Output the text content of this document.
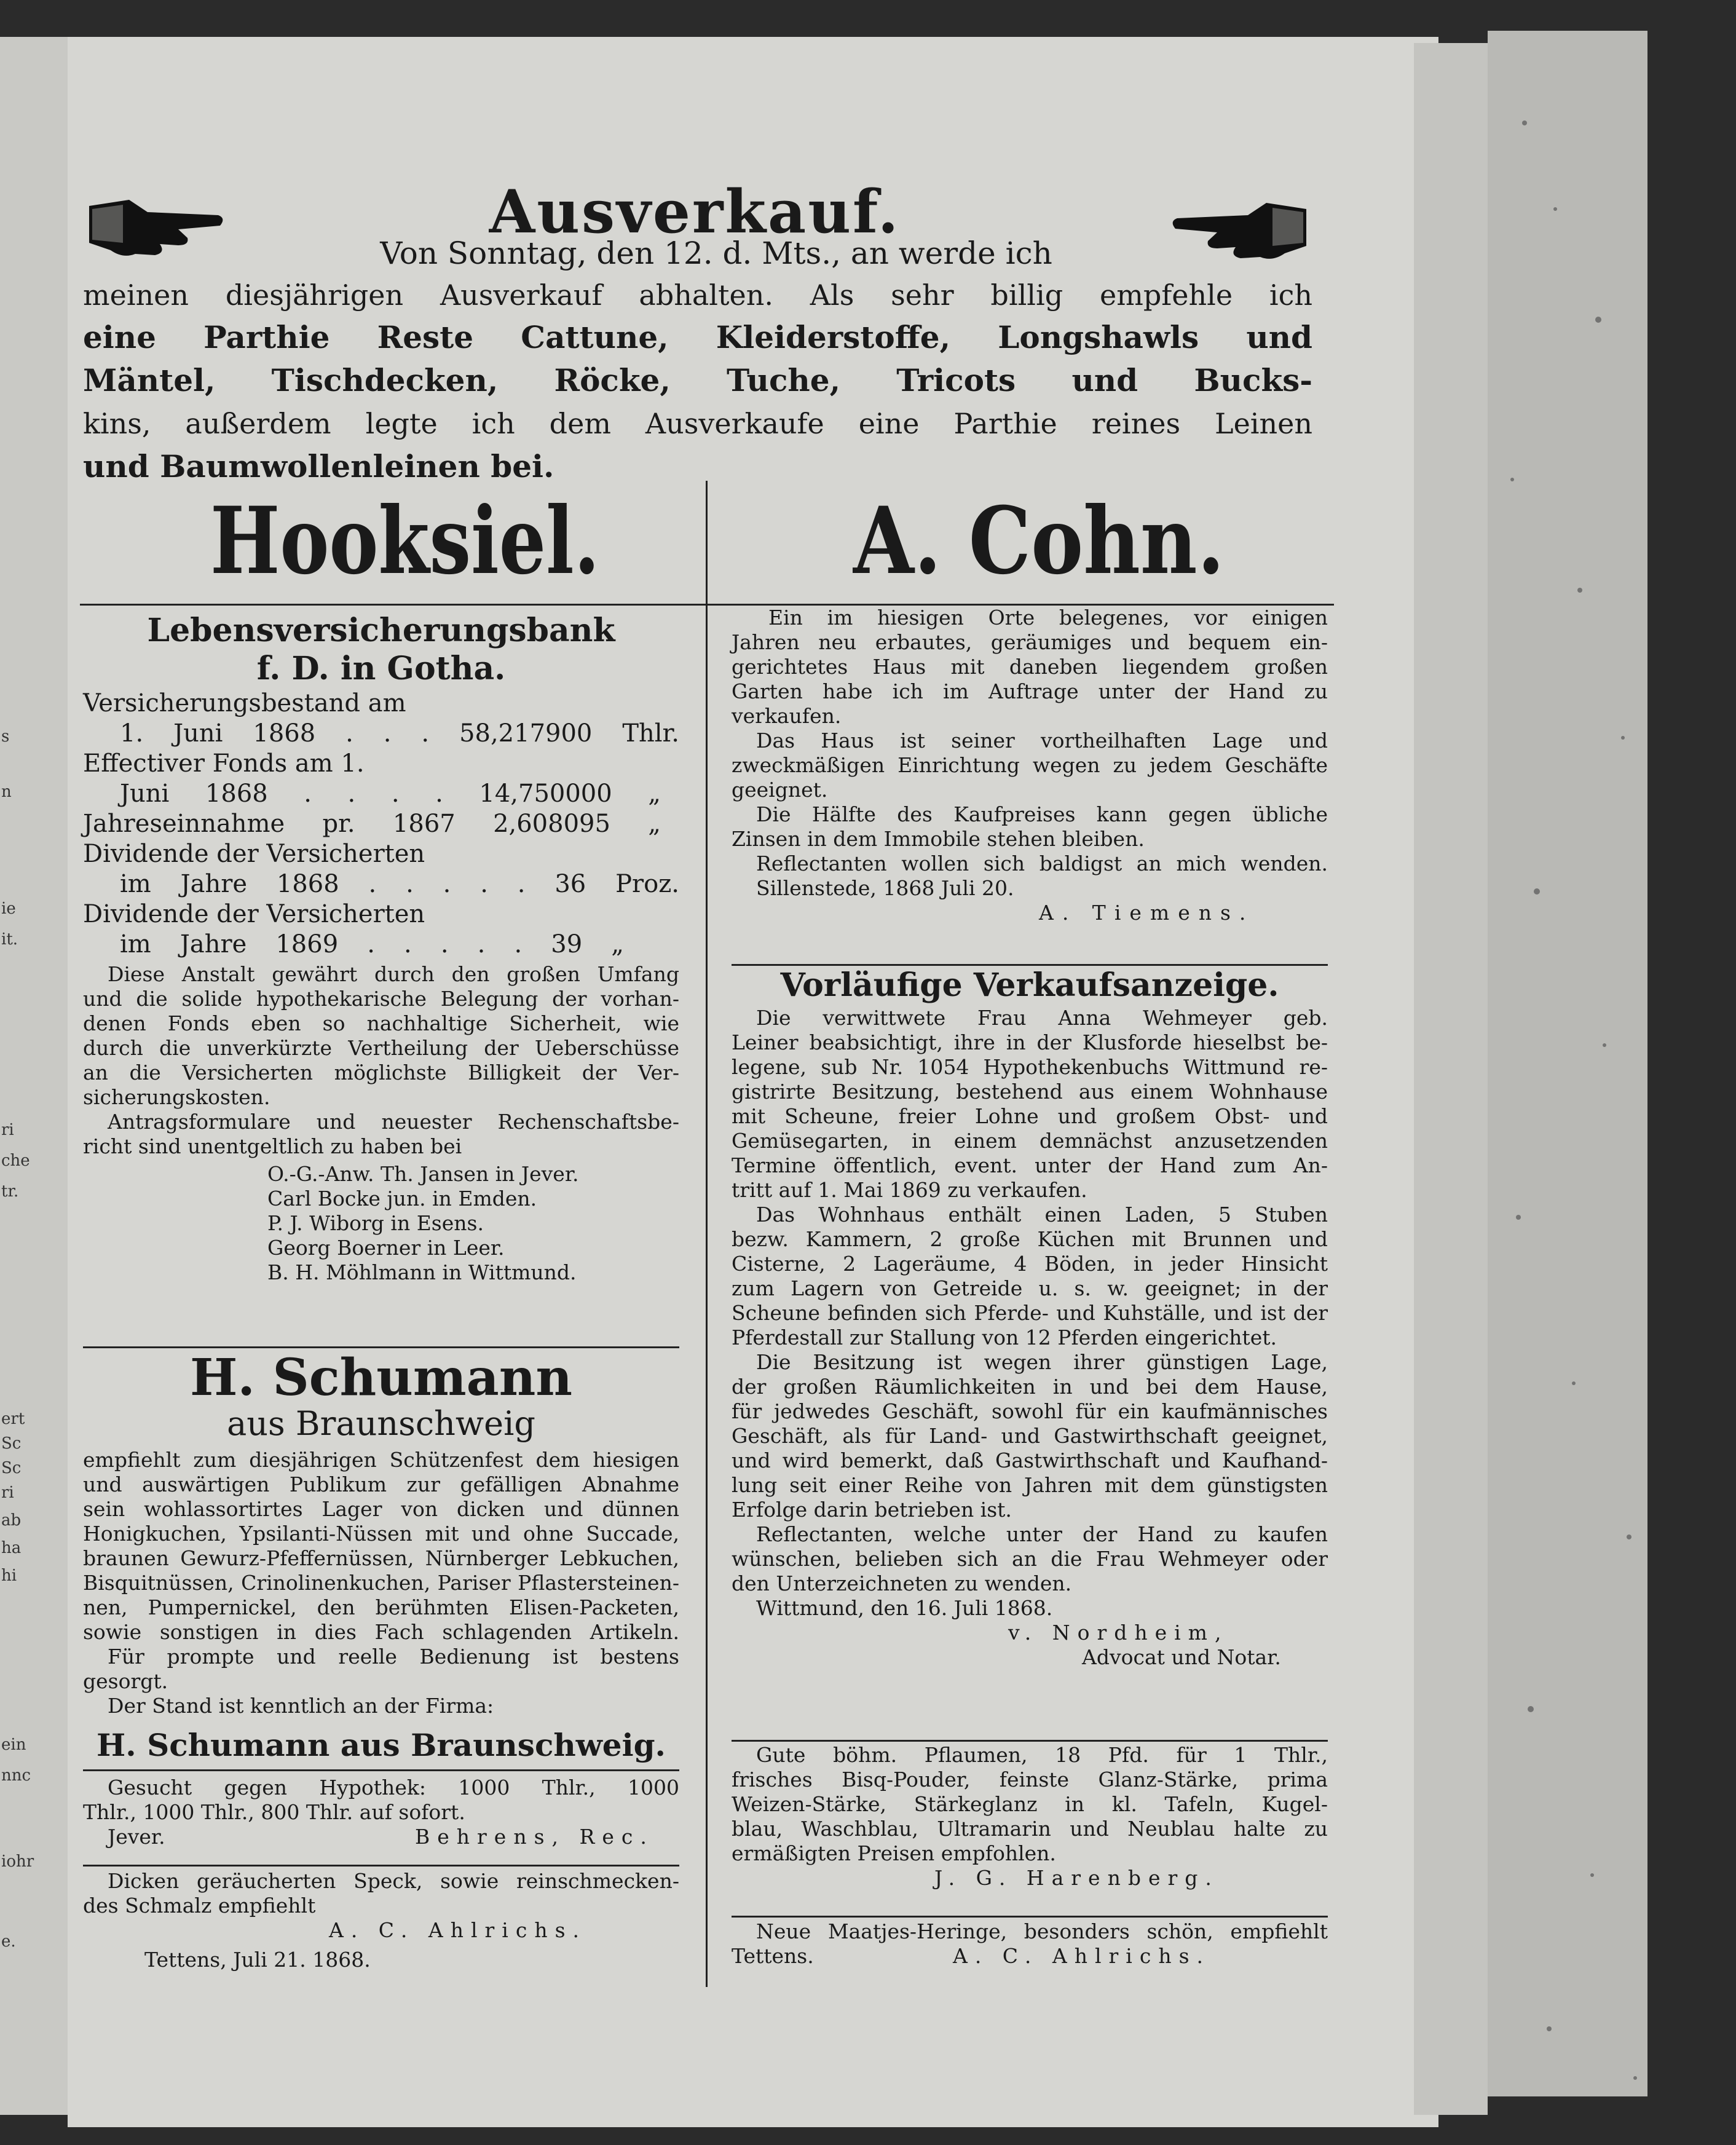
s
n
ie
it.
ri
che
tr.
ert
Sc
Sc
ri
ab
ha
hi
ein
nnc
iohr
e.
Ausverkauf.
Von Sonntag, den 12. d. Mts., an werde ich
meinen diesjährigen Ausverkauf abhalten. Als sehr billig empfehle ich
eine Parthie Reste Cattune, Kleiderstoffe, Longshawls und
Mäntel, Tischdecken, Röcke, Tuche, Tricots und Bucks-
kins, außerdem legte ich dem Ausverkaufe eine Parthie reines Leinen
und Baumwollenleinen bei.
Hooksiel.	A. Cohn.
Lebensversicherungsbank
f. D. in Gotha.
Versicherungsbestand am
1. Juni 1868 . . . 58,217900 Thlr.
Effectiver Fonds am 1.
Juni 1868 . . . . 14,750000 „
Jahreseinnahme pr. 1867 2,608095 „
Dividende der Versicherten
im Jahre 1868 . . . . . 36 Proz.
Dividende der Versicherten
im Jahre 1869 . . . . . 39 „
Diese Anstalt gewährt durch den großen Umfang
und die solide hypothekarische Belegung der vorhan-
denen Fonds eben so nachhaltige Sicherheit, wie
durch die unverkürzte Vertheilung der Ueberschüsse
an die Versicherten möglichste Billigkeit der Ver-
sicherungskosten.
Antragsformulare und neuester Rechenschaftsbe-
richt sind unentgeltlich zu haben bei
O.-G.-Anw. Th. Jansen in Jever.
Carl Bocke jun. in Emden.
P. J. Wiborg in Esens.
Georg Boerner in Leer.
B. H. Möhlmann in Wittmund.
H. Schumann
aus Braunschweig
empfiehlt zum diesjährigen Schützenfest dem hiesigen
und auswärtigen Publikum zur gefälligen Abnahme
sein wohlassortirtes Lager von dicken und dünnen
Honigkuchen, Ypsilanti-Nüssen mit und ohne Succade,
braunen Gewurz-Pfeffernüssen, Nürnberger Lebkuchen,
Bisquitnüssen, Crinolinenkuchen, Pariser Pflastersteinen-
nen, Pumpernickel, den berühmten Elisen-Packeten,
sowie sonstigen in dies Fach schlagenden Artikeln.
Für prompte und reelle Bedienung ist bestens
gesorgt.
Der Stand ist kenntlich an der Firma:
H. Schumann aus Braunschweig.
Gesucht gegen Hypothek: 1000 Thlr., 1000
Thlr., 1000 Thlr., 800 Thlr. auf sofort.
Jever.	Behrens, Rec.
Dicken geräucherten Speck, sowie reinschmecken-
des Schmalz empfiehlt
A. C. Ahlrichs.
Tettens, Juli 21. 1868.
Ein im hiesigen Orte belegenes, vor einigen
Jahren neu erbautes, geräumiges und bequem ein-
gerichtetes Haus mit daneben liegendem großen
Garten habe ich im Auftrage unter der Hand zu
verkaufen.
Das Haus ist seiner vortheilhaften Lage und
zweckmäßigen Einrichtung wegen zu jedem Geschäfte
geeignet.
Die Hälfte des Kaufpreises kann gegen übliche
Zinsen in dem Immobile stehen bleiben.
Reflectanten wollen sich baldigst an mich wenden.
Sillenstede, 1868 Juli 20.
A. Tiemens.
Vorläufige Verkaufsanzeige.
Die verwittwete Frau Anna Wehmeyer geb.
Leiner beabsichtigt, ihre in der Klusforde hieselbst be-
legene, sub Nr. 1054 Hypothekenbuchs Wittmund re-
gistrirte Besitzung, bestehend aus einem Wohnhause
mit Scheune, freier Lohne und großem Obst- und
Gemüsegarten, in einem demnächst anzusetzenden
Termine öffentlich, event. unter der Hand zum An-
tritt auf 1. Mai 1869 zu verkaufen.
Das Wohnhaus enthält einen Laden, 5 Stuben
bezw. Kammern, 2 große Küchen mit Brunnen und
Cisterne, 2 Lageräume, 4 Böden, in jeder Hinsicht
zum Lagern von Getreide u. s. w. geeignet; in der
Scheune befinden sich Pferde- und Kuhställe, und ist der
Pferdestall zur Stallung von 12 Pferden eingerichtet.
Die Besitzung ist wegen ihrer günstigen Lage,
der großen Räumlichkeiten in und bei dem Hause,
für jedwedes Geschäft, sowohl für ein kaufmännisches
Geschäft, als für Land- und Gastwirthschaft geeignet,
und wird bemerkt, daß Gastwirthschaft und Kaufhand-
lung seit einer Reihe von Jahren mit dem günstigsten
Erfolge darin betrieben ist.
Reflectanten, welche unter der Hand zu kaufen
wünschen, belieben sich an die Frau Wehmeyer oder
den Unterzeichneten zu wenden.
Wittmund, den 16. Juli 1868.
v. Nordheim,
Advocat und Notar.
Gute böhm. Pflaumen, 18 Pfd. für 1 Thlr.,
frisches Bisq-Pouder, feinste Glanz-Stärke, prima
Weizen-Stärke, Stärkeglanz in kl. Tafeln, Kugel-
blau, Waschblau, Ultramarin und Neublau halte zu
ermäßigten Preisen empfohlen.
J. G. Harenberg.
Neue Maatjes-Heringe, besonders schön, empfiehlt
Tettens.	A. C. Ahlrichs.
